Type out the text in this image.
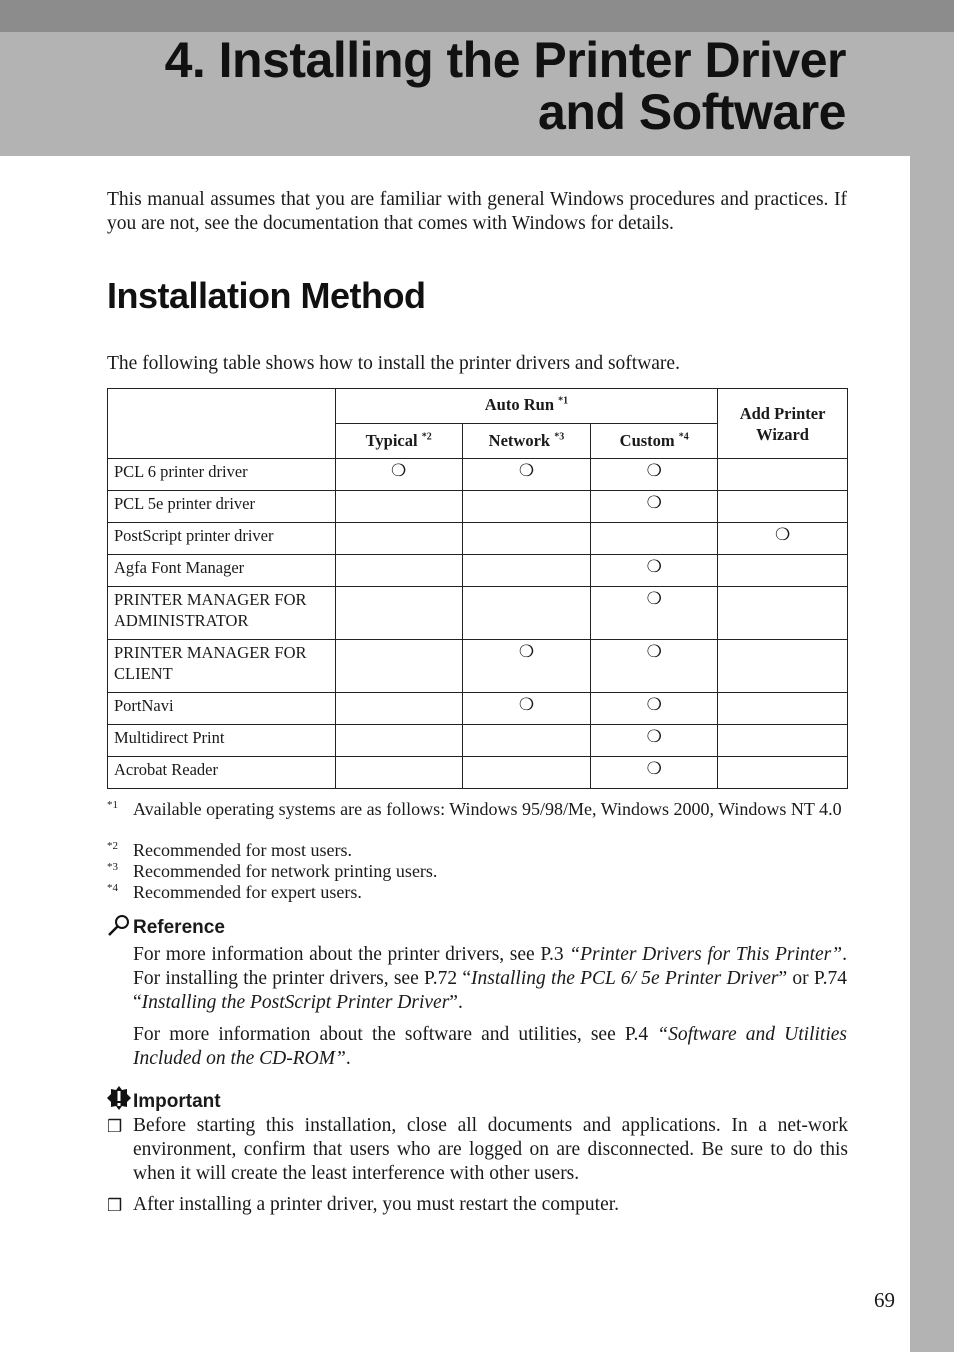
4. Installing the Printer Driver
and Software

This manual assumes that you are familiar with general Windows procedures and practices. If you are not, see the documentation that comes with Windows for details.

Installation Method

The following table shows how to install the printer drivers and software.

	Auto Run $^{*1}$			Add Printer Wizard
	Typical $^{*2}$	Network $^{*3}$	Custom $^{*4}$
PCL 6 printer driver	❍	❍	❍	
PCL 5e printer driver			❍	
PostScript printer driver				❍
Agfa Font Manager			❍	
PRINTER MANAGER FOR ADMINISTRATOR			❍	
PRINTER MANAGER FOR CLIENT		❍	❍	
PortNavi		❍	❍	
Multidirect Print			❍	
Acrobat Reader			❍	
*1 Available operating systems are as follows: Windows 95/98/Me, Windows 2000, Windows NT 4.0
*2 Recommended for most users.
*3 Recommended for network printing users.
*4 Recommended for expert users.
Reference

For more information about the printer drivers, see P.3 “Printer Drivers for This Printer”. For installing the printer drivers, see P.72 “Installing the PCL 6/ 5e Printer Driver” or P.74 “Installing the PostScript Printer Driver”.

For more information about the software and utilities, see P.4 “Software and Utilities Included on the CD-ROM”.

Important
❒ Before starting this installation, close all documents and applications. In a net-work environment, confirm that users who are logged on are disconnected. Be sure to do this when it will create the least interference with other users.
❒ After installing a printer driver, you must restart the computer.
69
